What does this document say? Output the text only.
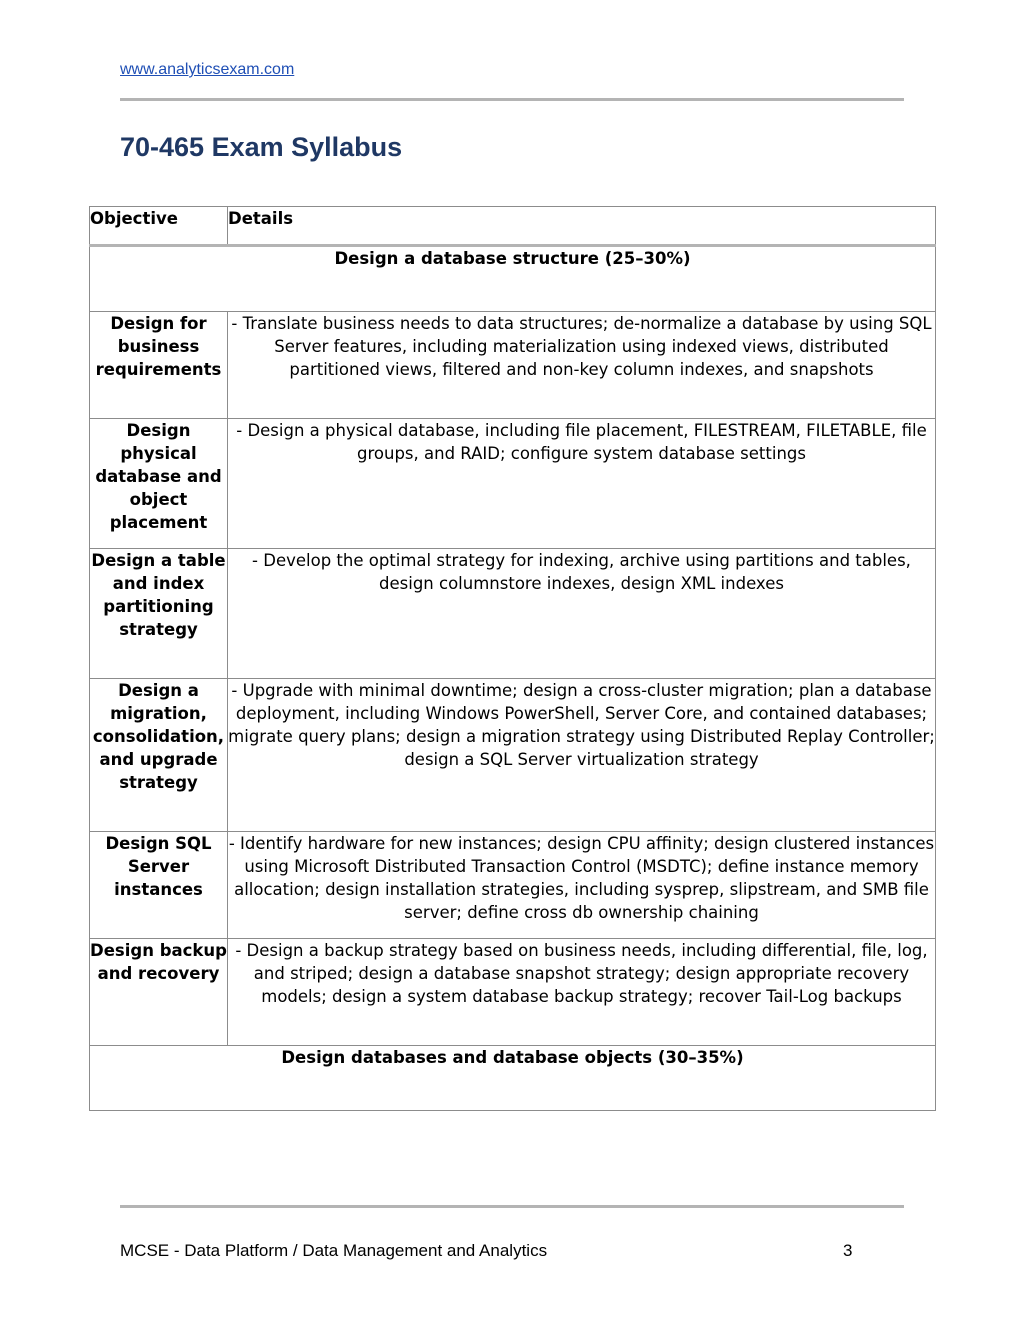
www.analyticsexam.com
70-465 Exam Syllabus
Objective	Details
Design a database structure (25–30%)	
Design for business requirements	- Translate business needs to data structures; de-normalize a database by using SQL Server features, including materialization using indexed views, distributed partitioned views, filtered and non-key column indexes, and snapshots
Design physical database and object placement	- Design a physical database, including file placement, FILESTREAM, FILETABLE, file groups, and RAID; configure system database settings
Design a table and index partitioning strategy	- Develop the optimal strategy for indexing, archive using partitions and tables, design columnstore indexes, design XML indexes
Design a migration, consolidation, and upgrade strategy	- Upgrade with minimal downtime; design a cross-cluster migration; plan a database deployment, including Windows PowerShell, Server Core, and contained databases; migrate query plans; design a migration strategy using Distributed Replay Controller; design a SQL Server virtualization strategy
Design SQL Server instances	- Identify hardware for new instances; design CPU affinity; design clustered instances using Microsoft Distributed Transaction Control (MSDTC); define instance memory allocation; design installation strategies, including sysprep, slipstream, and SMB file server; define cross db ownership chaining
Design backup and recovery	- Design a backup strategy based on business needs, including differential, file, log, and striped; design a database snapshot strategy; design appropriate recovery models; design a system database backup strategy; recover Tail-Log backups
Design databases and database objects (30–35%)	
MCSE - Data Platform / Data Management and Analytics	3
